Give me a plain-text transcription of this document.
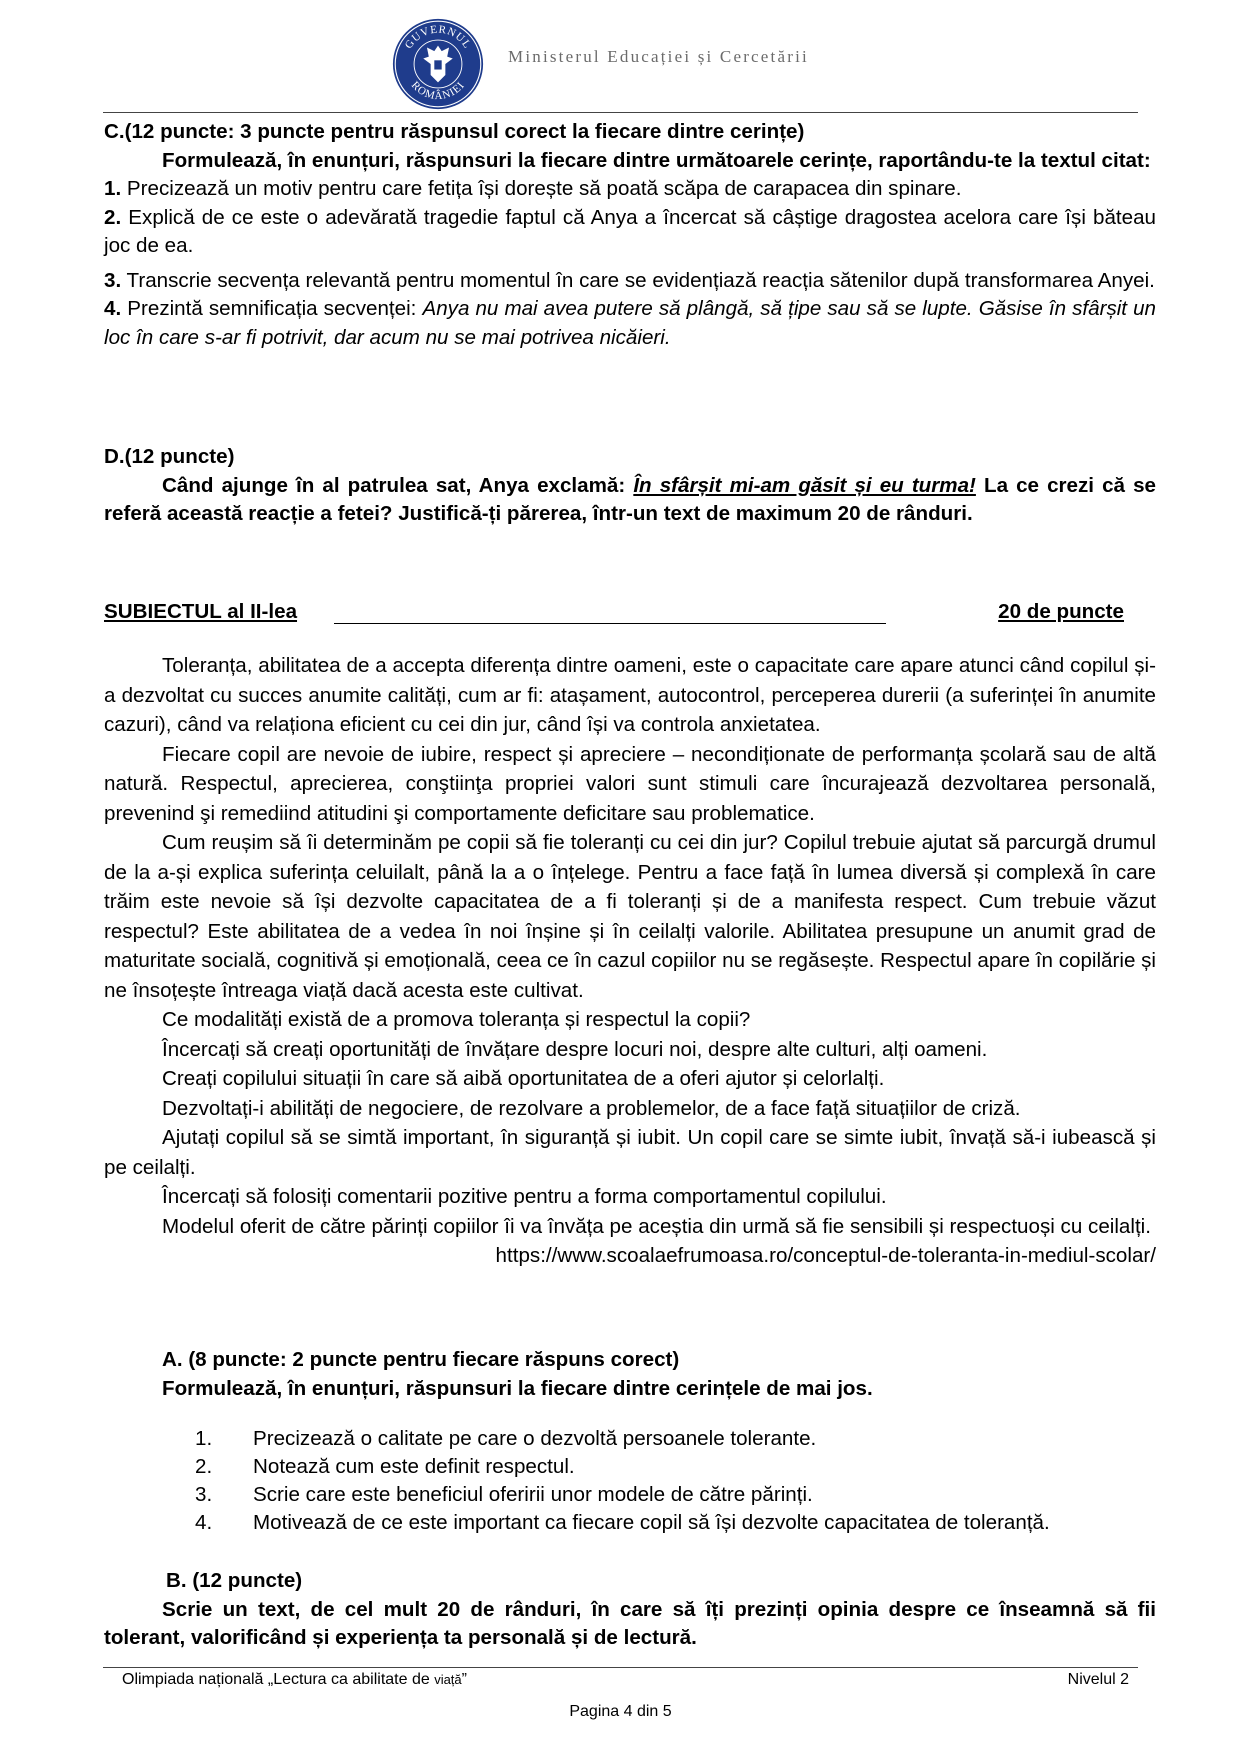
GUVERNUL
ROMÂNIEI
Ministerul Educației și Cercetării

C.(12 puncte: 3 puncte pentru răspunsul corect la fiecare dintre cerințe)

Formulează, în enunțuri, răspunsuri la fiecare dintre următoarele cerințe, raportându-te la textul citat:

1. Precizează un motiv pentru care fetița își dorește să poată scăpa de carapacea din spinare.

2. Explică de ce este o adevărată tragedie faptul că Anya a încercat să câștige dragostea acelora care își băteau joc de ea.

3. Transcrie secvența relevantă pentru momentul în care se evidențiază reacția sătenilor după transformarea Anyei.

4. Prezintă semnificația secvenței: Anya nu mai avea putere să plângă, să țipe sau să se lupte. Găsise în sfârșit un loc în care s-ar fi potrivit, dar acum nu se mai potrivea nicăieri.

D.(12 puncte)

Când ajunge în al patrulea sat, Anya exclamă: În sfârșit mi-am găsit și eu turma! La ce crezi că se referă această reacție a fetei? Justifică-ți părerea, într-un text de maximum 20 de rânduri.

SUBIECTUL al II-lea	20 de puncte

Toleranța, abilitatea de a accepta diferența dintre oameni, este o capacitate care apare atunci când copilul și-a dezvoltat cu succes anumite calități, cum ar fi: atașament, autocontrol, perceperea durerii (a suferinței în anumite cazuri), când va relaționa eficient cu cei din jur, când își va controla anxietatea.

Fiecare copil are nevoie de iubire, respect și apreciere – necondiționate de performanța școlară sau de altă natură. Respectul, aprecierea, conştiinţa propriei valori sunt stimuli care încurajează dezvoltarea personală, prevenind şi remediind atitudini şi comportamente deficitare sau problematice.

Cum reușim să îi determinăm pe copii să fie toleranți cu cei din jur? Copilul trebuie ajutat să parcurgă drumul de la a-și explica suferința celuilalt, până la a o înțelege. Pentru a face față în lumea diversă și complexă în care trăim este nevoie să își dezvolte capacitatea de a fi toleranți și de a manifesta respect. Cum trebuie văzut respectul? Este abilitatea de a vedea în noi înșine și în ceilalți valorile. Abilitatea presupune un anumit grad de maturitate socială, cognitivă și emoțională, ceea ce în cazul copiilor nu se regăsește. Respectul apare în copilărie și ne însoțește întreaga viață dacă acesta este cultivat.

Ce modalități există de a promova toleranța și respectul la copii?

Încercați să creați oportunități de învățare despre locuri noi, despre alte culturi, alți oameni.

Creați copilului situații în care să aibă oportunitatea de a oferi ajutor și celorlalți.

Dezvoltați-i abilități de negociere, de rezolvare a problemelor, de a face față situațiilor de criză.

Ajutați copilul să se simtă important, în siguranță și iubit. Un copil care se simte iubit, învață să-i iubească și pe ceilalți.

Încercați să folosiți comentarii pozitive pentru a forma comportamentul copilului.

Modelul oferit de către părinți copiilor îi va învăța pe aceștia din urmă să fie sensibili și respectuoși cu ceilalți.

https://www.scoalaefrumoasa.ro/conceptul-de-toleranta-in-mediul-scolar/

A. (8 puncte: 2 puncte pentru fiecare răspuns corect)

Formulează, în enunțuri, răspunsuri la fiecare dintre cerințele de mai jos.

1. Precizează o calitate pe care o dezvoltă persoanele tolerante.
2. Notează cum este definit respectul.
3. Scrie care este beneficiul oferirii unor modele de către părinți.
4. Motivează de ce este important ca fiecare copil să își dezvolte capacitatea de toleranță.

B. (12 puncte)

Scrie un text, de cel mult 20 de rânduri, în care să îți prezinți opinia despre ce înseamnă să fii tolerant, valorificând și experiența ta personală și de lectură.

Olimpiada națională „Lectura ca abilitate de viață”	Nivelul 2
Pagina 4 din 5
